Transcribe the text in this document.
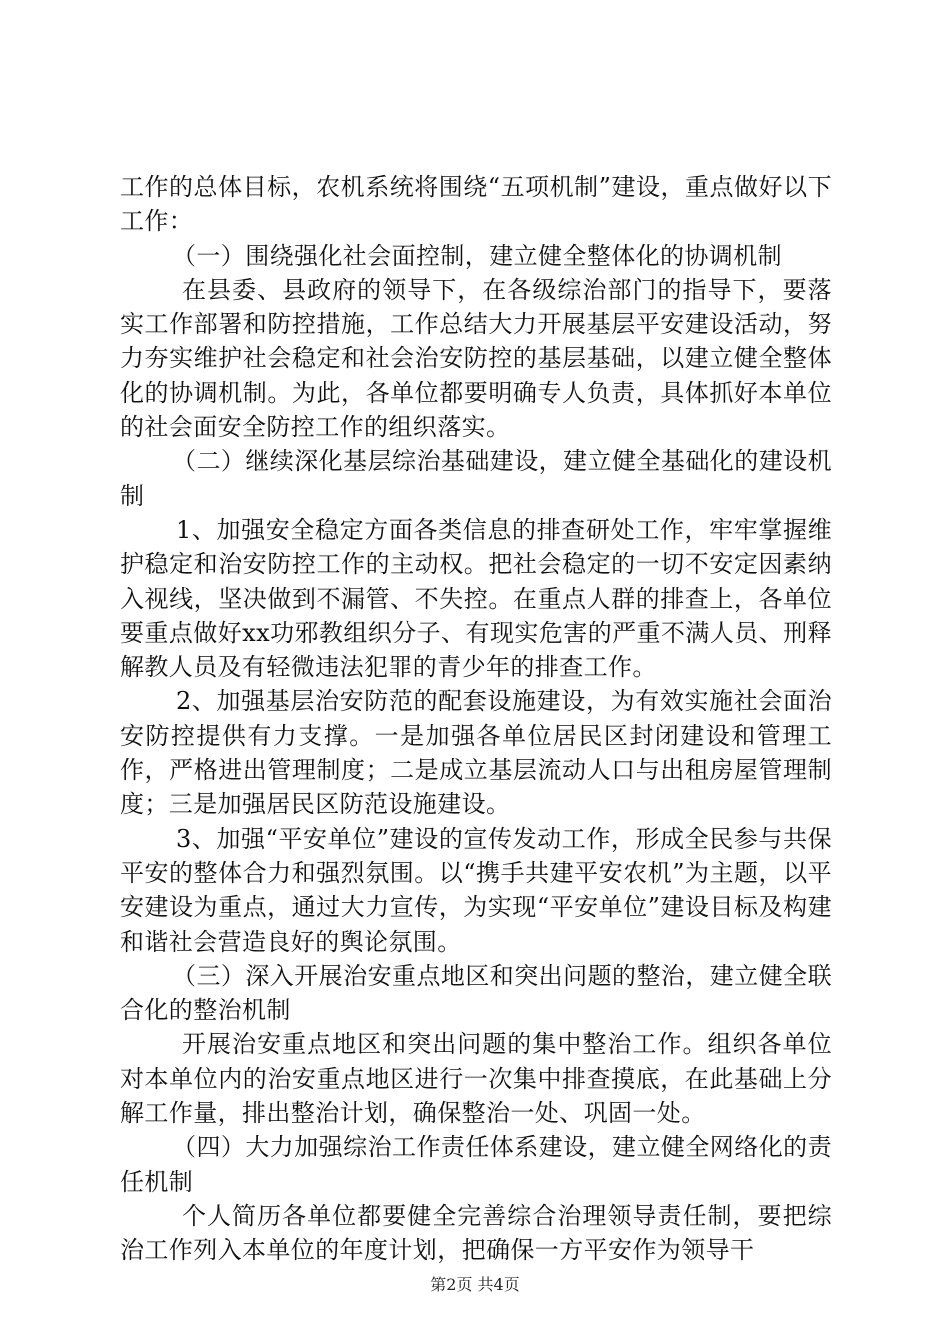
工作的总体目标，农机系统将围绕“五项机制”建设，重点做好以下工作：

（一）围绕强化社会面控制，建立健全整体化的协调机制

在县委、县政府的领导下，在各级综治部门的指导下，要落实工作部署和防控措施，工作总结大力开展基层平安建设活动，努力夯实维护社会稳定和社会治安防控的基层基础，以建立健全整体化的协调机制。为此，各单位都要明确专人负责，具体抓好本单位的社会面安全防控工作的组织落实。

（二）继续深化基层综治基础建设，建立健全基础化的建设机制

1、加强安全稳定方面各类信息的排查研处工作，牢牢掌握维护稳定和治安防控工作的主动权。把社会稳定的一切不安定因素纳入视线，坚决做到不漏管、不失控。在重点人群的排查上，各单位要重点做好xx功邪教组织分子、有现实危害的严重不满人员、刑释解教人员及有轻微违法犯罪的青少年的排查工作。

2、加强基层治安防范的配套设施建设，为有效实施社会面治安防控提供有力支撑。一是加强各单位居民区封闭建设和管理工作，严格进出管理制度；二是成立基层流动人口与出租房屋管理制度；三是加强居民区防范设施建设。

3、加强“平安单位”建设的宣传发动工作，形成全民参与共保平安的整体合力和强烈氛围。以“携手共建平安农机”为主题，以平安建设为重点，通过大力宣传，为实现“平安单位”建设目标及构建和谐社会营造良好的舆论氛围。

（三）深入开展治安重点地区和突出问题的整治，建立健全联合化的整治机制

开展治安重点地区和突出问题的集中整治工作。组织各单位对本单位内的治安重点地区进行一次集中排查摸底，在此基础上分解工作量，排出整治计划，确保整治一处、巩固一处。

（四）大力加强综治工作责任体系建设，建立健全网络化的责任机制

个人简历各单位都要健全完善综合治理领导责任制，要把综治工作列入本单位的年度计划，把确保一方平安作为领导干

第2页 共4页
